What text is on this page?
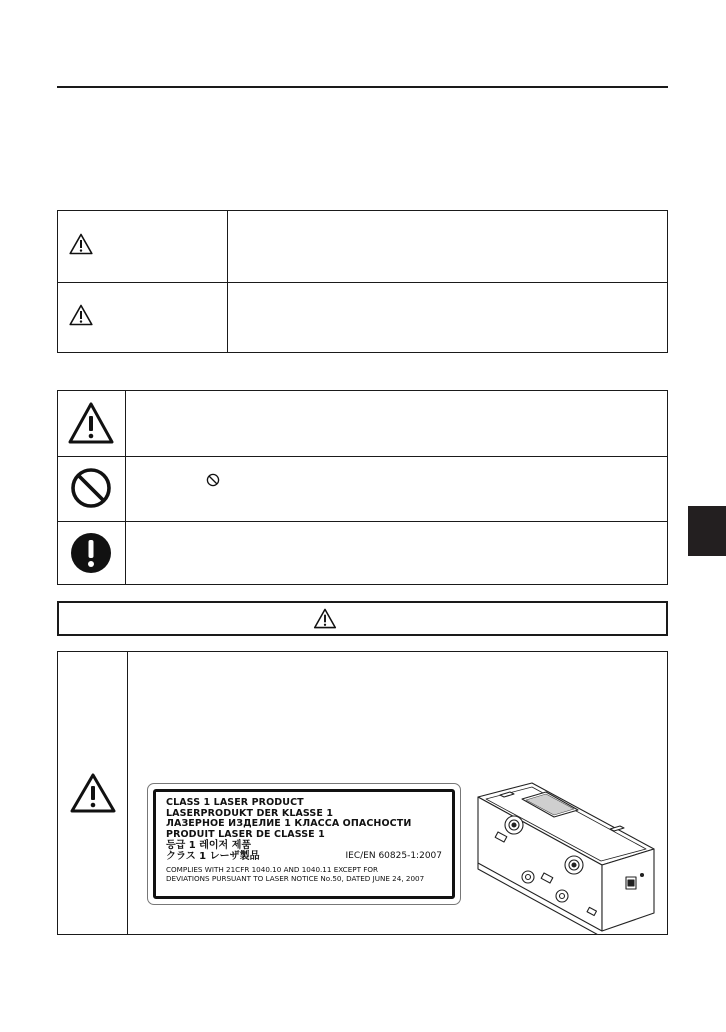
CLASS 1 LASER PRODUCT
LASERPRODUKT DER KLASSE 1
ЛАЗЕРНОЕ ИЗДЕЛИЕ 1 КЛАССА ОПАСНОСТИ
PRODUIT LASER DE CLASSE 1
등급 1 레이저 제품
クラス 1 レーザ製品	IEC/EN 60825-1:2007
COMPLIES WITH 21CFR 1040.10 AND 1040.11 EXCEPT FOR
DEVIATIONS PURSUANT TO LASER NOTICE No.50, DATED JUNE 24, 2007
